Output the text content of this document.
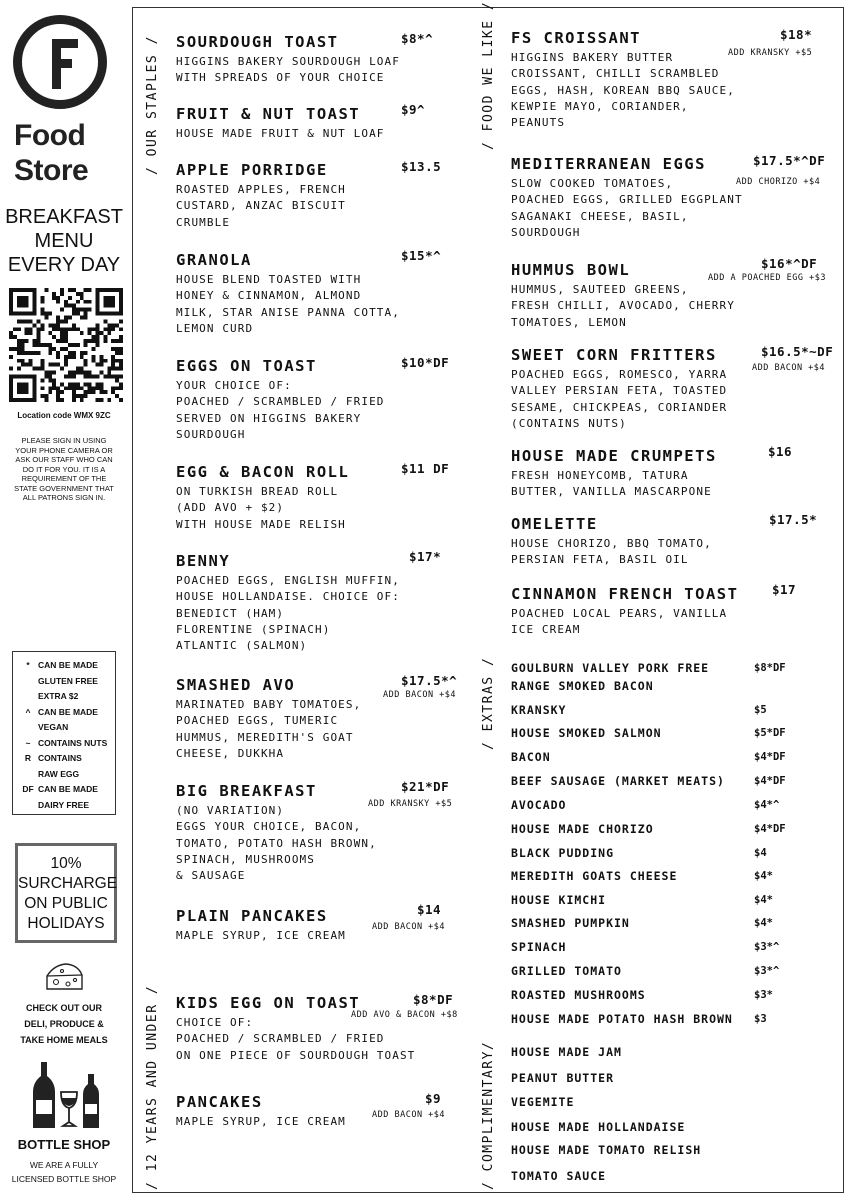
Food
Store
BREAKFAST
MENU
EVERY DAY
Location code WMX 9ZC
PLEASE SIGN IN USING YOUR PHONE CAMERA OR ASK OUR STAFF WHO CAN DO IT FOR YOU. IT IS A REQUIREMENT OF THE STATE GOVERNMENT THAT ALL PATRONS SIGN IN.
* CAN BE MADE
GLUTEN FREE
EXTRA $2
^ CAN BE MADE
VEGAN
~ CONTAINS NUTS
R CONTAINS
RAW EGG
DF CAN BE MADE
DAIRY FREE
10%
SURCHARGE
ON PUBLIC
HOLIDAYS
CHECK OUT OUR
DELI, PRODUCE &
TAKE HOME MEALS
BOTTLE SHOP
WE ARE A FULLY
LICENSED BOTTLE SHOP
/ OUR STAPLES /	/ FOOD WE LIKE /
/ EXTRAS /
/ 12 YEARS AND UNDER /	/ COMPLIMENTARY/
SOURDOUGH TOAST
HIGGINS BAKERY SOURDOUGH LOAF
WITH SPREADS OF YOUR CHOICE
$8*^
FRUIT & NUT TOAST
HOUSE MADE FRUIT & NUT LOAF
$9^
APPLE PORRIDGE
ROASTED APPLES, FRENCH
CUSTARD, ANZAC BISCUIT
CRUMBLE
$13.5
GRANOLA
HOUSE BLEND TOASTED WITH
HONEY & CINNAMON, ALMOND
MILK, STAR ANISE PANNA COTTA,
LEMON CURD
$15*^
EGGS ON TOAST
YOUR CHOICE OF:
POACHED / SCRAMBLED / FRIED
SERVED ON HIGGINS BAKERY
SOURDOUGH
$10*DF
EGG & BACON ROLL
ON TURKISH BREAD ROLL
(ADD AVO + $2)
WITH HOUSE MADE RELISH
$11 DF
BENNY
POACHED EGGS, ENGLISH MUFFIN,
HOUSE HOLLANDAISE. CHOICE OF:
BENEDICT (HAM)
FLORENTINE (SPINACH)
ATLANTIC (SALMON)
$17*
SMASHED AVO
MARINATED BABY TOMATOES,
POACHED EGGS, TUMERIC
HUMMUS, MEREDITH'S GOAT
CHEESE, DUKKHA
$17.5*^
ADD BACON +$4
BIG BREAKFAST
(NO VARIATION)
EGGS YOUR CHOICE, BACON,
TOMATO, POTATO HASH BROWN,
SPINACH, MUSHROOMS
& SAUSAGE
$21*DF
ADD KRANSKY +$5
PLAIN PANCAKES
MAPLE SYRUP, ICE CREAM
$14
ADD BACON +$4
KIDS EGG ON TOAST
CHOICE OF:
POACHED / SCRAMBLED / FRIED
ON ONE PIECE OF SOURDOUGH TOAST
$8*DF
ADD AVO & BACON +$8
PANCAKES
MAPLE SYRUP, ICE CREAM
$9
ADD BACON +$4
FS CROISSANT
HIGGINS BAKERY BUTTER
CROISSANT, CHILLI SCRAMBLED
EGGS, HASH, KOREAN BBQ SAUCE,
KEWPIE MAYO, CORIANDER,
PEANUTS
$18*
ADD KRANSKY +$5
MEDITERRANEAN EGGS
SLOW COOKED TOMATOES,
POACHED EGGS, GRILLED EGGPLANT
SAGANAKI CHEESE, BASIL,
SOURDOUGH
$17.5*^DF
ADD CHORIZO +$4
HUMMUS BOWL
HUMMUS, SAUTEED GREENS,
FRESH CHILLI, AVOCADO, CHERRY
TOMATOES, LEMON
$16*^DF
ADD A POACHED EGG +$3
SWEET CORN FRITTERS
POACHED EGGS, ROMESCO, YARRA
VALLEY PERSIAN FETA, TOASTED
SESAME, CHICKPEAS, CORIANDER
(CONTAINS NUTS)
$16.5*~DF
ADD BACON +$4
HOUSE MADE CRUMPETS
FRESH HONEYCOMB, TATURA
BUTTER, VANILLA MASCARPONE
$16
OMELETTE
HOUSE CHORIZO, BBQ TOMATO,
PERSIAN FETA, BASIL OIL
$17.5*
CINNAMON FRENCH TOAST
POACHED LOCAL PEARS, VANILLA
ICE CREAM
$17
GOULBURN VALLEY PORK FREE
RANGE SMOKED BACON
$8*DF
KRANSKY	$5
HOUSE SMOKED SALMON	$5*DF
BACON	$4*DF
BEEF SAUSAGE (MARKET MEATS)	$4*DF
AVOCADO	$4*^
HOUSE MADE CHORIZO	$4*DF
BLACK PUDDING	$4
MEREDITH GOATS CHEESE	$4*
HOUSE KIMCHI	$4*
SMASHED PUMPKIN	$4*
SPINACH	$3*^
GRILLED TOMATO	$3*^
ROASTED MUSHROOMS	$3*
HOUSE MADE POTATO HASH BROWN $3
HOUSE MADE JAM
PEANUT BUTTER
VEGEMITE
HOUSE MADE HOLLANDAISE
HOUSE MADE TOMATO RELISH
TOMATO SAUCE
